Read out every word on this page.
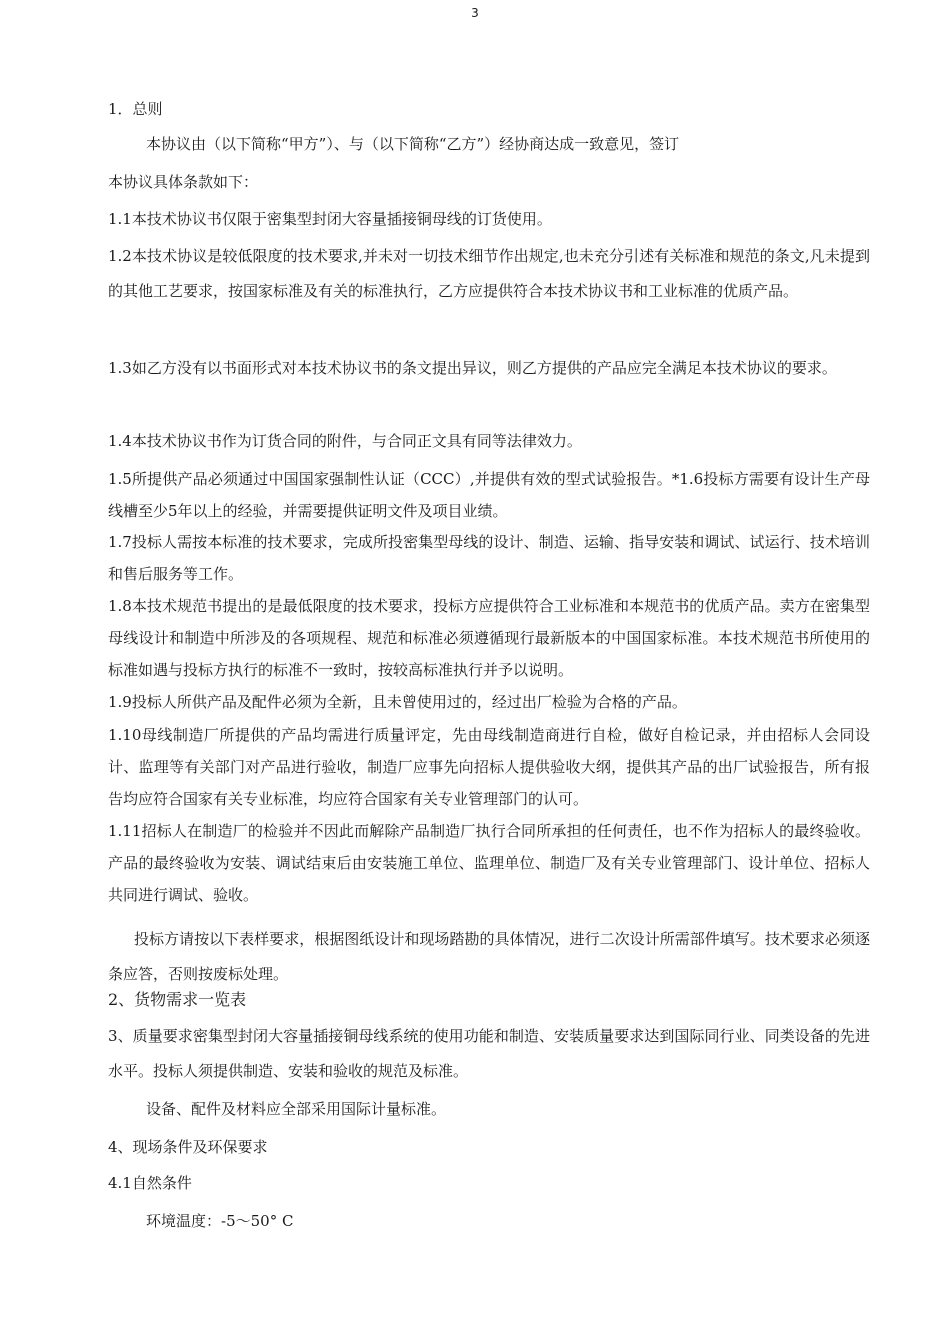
3
1．总则
本协议由（以下简称“甲方”）、与（以下简称“乙方”）经协商达成一致意见，签订
本协议具体条款如下：
1.1本技术协议书仅限于密集型封闭大容量插接铜母线的订货使用。
1.2本技术协议是较低限度的技术要求,并未对一切技术细节作出规定,也未充分引述有关标准和规范的条文,凡未提到的其他工艺要求，按国家标准及有关的标准执行，乙方应提供符合本技术协议书和工业标准的优质产品。
1.3如乙方没有以书面形式对本技术协议书的条文提出异议，则乙方提供的产品应完全满足本技术协议的要求。
1.4本技术协议书作为订货合同的附件，与合同正文具有同等法律效力。
1.5所提供产品必须通过中国国家强制性认证（CCC）,并提供有效的型式试验报告。*1.6投标方需要有设计生产母线槽至少5年以上的经验，并需要提供证明文件及项目业绩。
1.7投标人需按本标准的技术要求，完成所投密集型母线的设计、制造、运输、指导安装和调试、试运行、技术培训和售后服务等工作。
1.8本技术规范书提出的是最低限度的技术要求，投标方应提供符合工业标准和本规范书的优质产品。卖方在密集型母线设计和制造中所涉及的各项规程、规范和标准必须遵循现行最新版本的中国国家标准。本技术规范书所使用的标准如遇与投标方执行的标准不一致时，按较高标准执行并予以说明。
1.9投标人所供产品及配件必须为全新，且未曾使用过的，经过出厂检验为合格的产品。
1.10母线制造厂所提供的产品均需进行质量评定，先由母线制造商进行自检，做好自检记录，并由招标人会同设计、监理等有关部门对产品进行验收，制造厂应事先向招标人提供验收大纲，提供其产品的出厂试验报告，所有报告均应符合国家有关专业标准，均应符合国家有关专业管理部门的认可。
1.11招标人在制造厂的检验并不因此而解除产品制造厂执行合同所承担的任何责任，也不作为招标人的最终验收。产品的最终验收为安装、调试结束后由安装施工单位、监理单位、制造厂及有关专业管理部门、设计单位、招标人共同进行调试、验收。
投标方请按以下表样要求，根据图纸设计和现场踏勘的具体情况，进行二次设计所需部件填写。技术要求必须逐条应答，否则按废标处理。
2、货物需求一览表
3、质量要求密集型封闭大容量插接铜母线系统的使用功能和制造、安装质量要求达到国际同行业、同类设备的先进水平。投标人须提供制造、安装和验收的规范及标准。
设备、配件及材料应全部采用国际计量标准。
4、现场条件及环保要求
4.1自然条件
环境温度：-5～50° C
